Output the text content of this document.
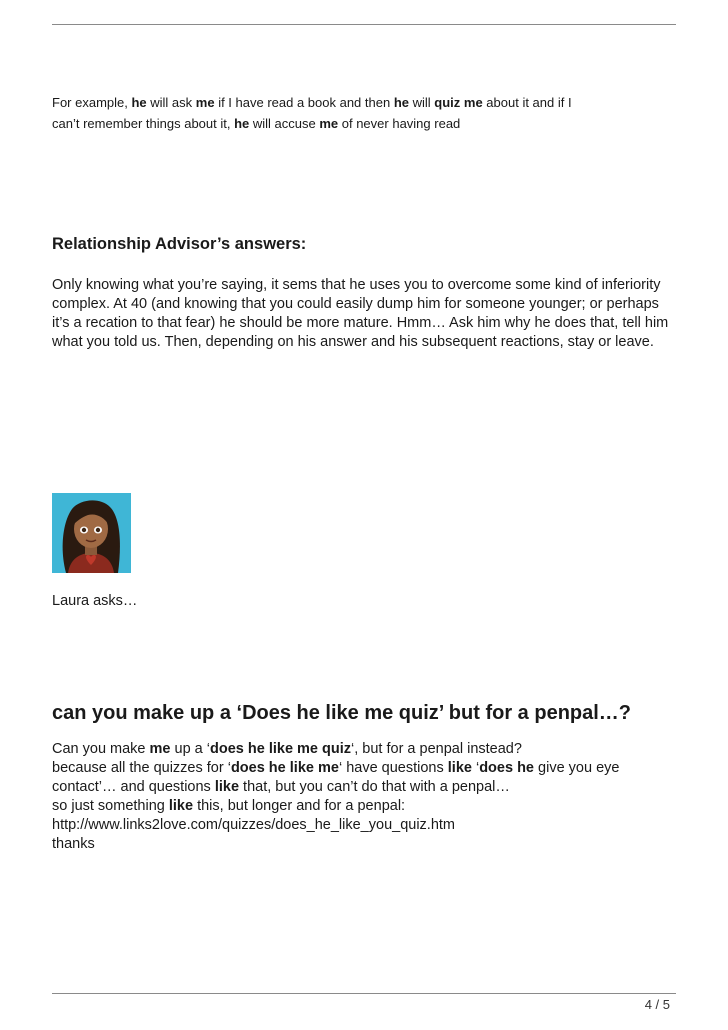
For example, he will ask me if I have read a book and then he will quiz me about it and if I
can’t remember things about it, he will accuse me of never having read

Relationship Advisor’s answers:

Only knowing what you’re saying, it sems that he uses you to overcome some kind of inferiority
complex. At 40 (and knowing that you could easily dump him for someone younger; or perhaps
it’s a recation to that fear) he should be more mature. Hmm… Ask him why he does that, tell him
what you told us. Then, depending on his answer and his subsequent reactions, stay or leave.

Laura asks…

can you make up a ‘Does he like me quiz’ but for a penpal…?

Can you make me up a ‘does he like me quiz‘, but for a penpal instead?
because all the quizzes for ‘does he like me‘ have questions like ‘does he give you eye
contact’… and questions like that, but you can’t do that with a penpal…
so just something like this, but longer and for a penpal:
http://www.links2love.com/quizzes/does_he_like_you_quiz.htm
thanks

4 / 5
